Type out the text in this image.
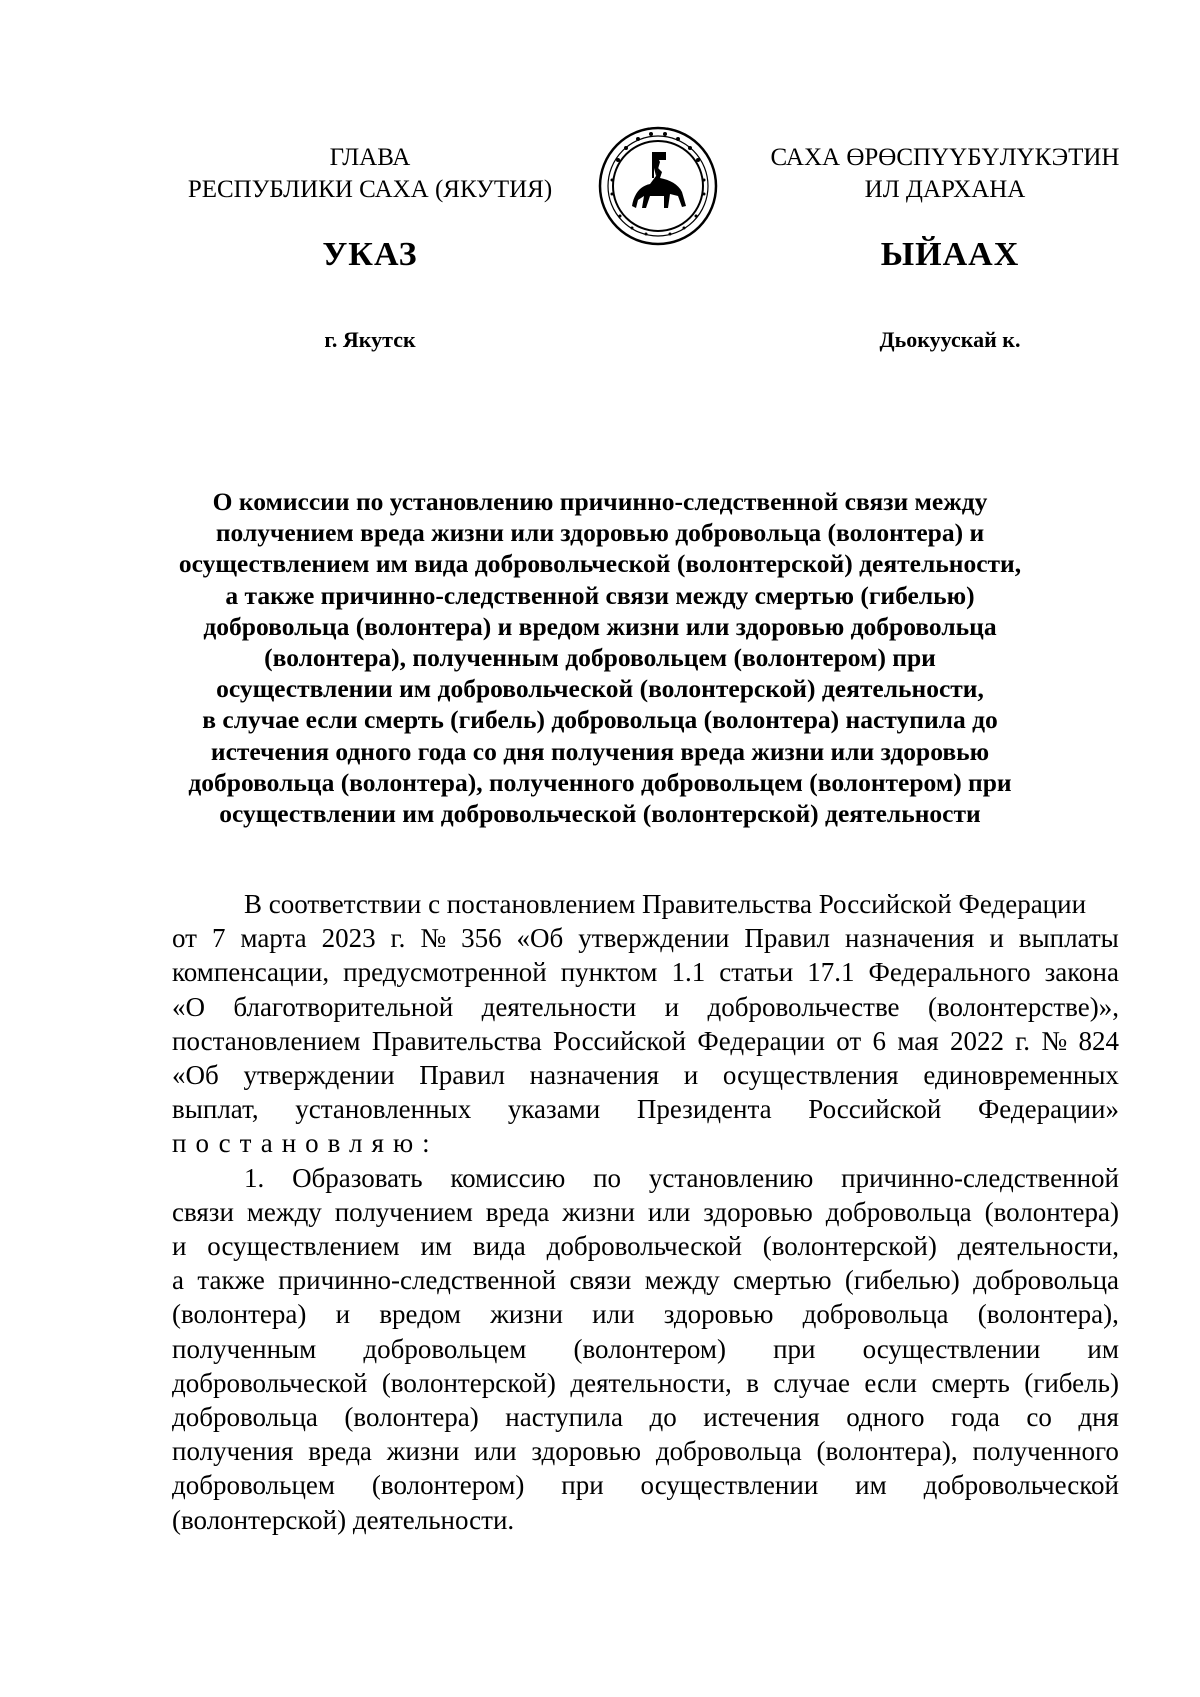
ГЛАВА
РЕСПУБЛИКИ САХА (ЯКУТИЯ)
САХА ӨРӨСПҮҮБҮЛҮКЭТИН
ИЛ ДАРХАНА
УКАЗ	ЫЙААХ
г. Якутск	Дьокуускай к.
О комиссии по установлению причинно-следственной связи между
получением вреда жизни или здоровью добровольца (волонтера) и
осуществлением им вида добровольческой (волонтерской) деятельности,
а также причинно-следственной связи между смертью (гибелью)
добровольца (волонтера) и вредом жизни или здоровью добровольца
(волонтера), полученным добровольцем (волонтером) при
осуществлении им добровольческой (волонтерской) деятельности,
в случае если смерть (гибель) добровольца (волонтера) наступила до
истечения одного года со дня получения вреда жизни или здоровью
добровольца (волонтера), полученного добровольцем (волонтером) при
осуществлении им добровольческой (волонтерской) деятельности
В соответствии с постановлением Правительства Российской Федерации
от 7 марта 2023 г. № 356 «Об утверждении Правил назначения и выплаты
компенсации, предусмотренной пунктом 1.1 статьи 17.1 Федерального закона
«О благотворительной деятельности и добровольчестве (волонтерстве)»,
постановлением Правительства Российской Федерации от 6 мая 2022 г. № 824
«Об утверждении Правил назначения и осуществления единовременных
выплат, установленных указами Президента Российской Федерации»
постановляю:
1. Образовать комиссию по установлению причинно-следственной
связи между получением вреда жизни или здоровью добровольца (волонтера)
и осуществлением им вида добровольческой (волонтерской) деятельности,
а также причинно-следственной связи между смертью (гибелью) добровольца
(волонтера) и вредом жизни или здоровью добровольца (волонтера),
полученным добровольцем (волонтером) при осуществлении им
добровольческой (волонтерской) деятельности, в случае если смерть (гибель)
добровольца (волонтера) наступила до истечения одного года со дня
получения вреда жизни или здоровью добровольца (волонтера), полученного
добровольцем (волонтером) при осуществлении им добровольческой
(волонтерской) деятельности.
